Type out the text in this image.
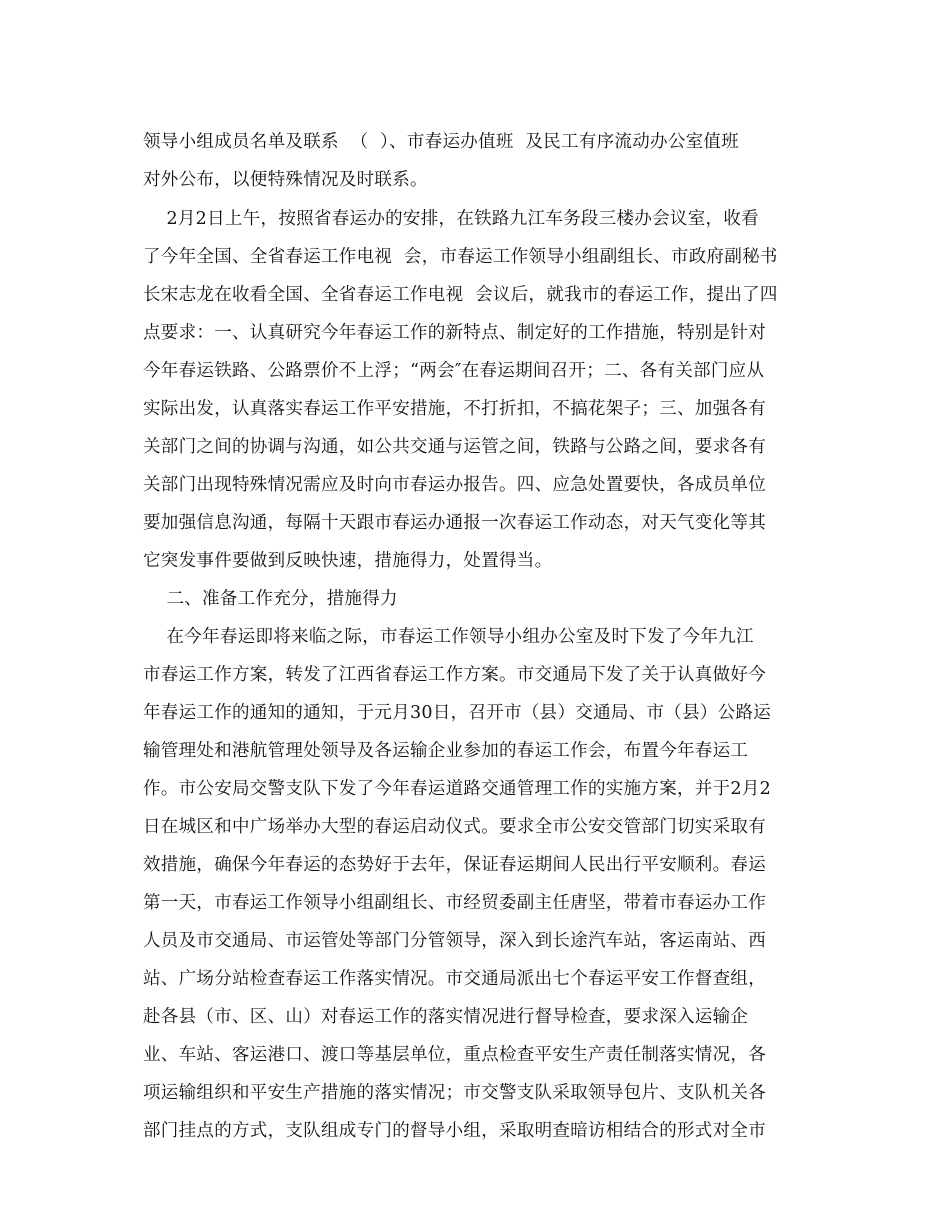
领导小组成员名单及联系  （  ）、市春运办值班  及民工有序流动办公室值班
对外公布，以便特殊情况及时联系。
2月2日上午，按照省春运办的安排，在铁路九江车务段三楼办会议室，收看
了今年全国、全省春运工作电视  会，市春运工作领导小组副组长、市政府副秘书
长宋志龙在收看全国、全省春运工作电视  会议后，就我市的春运工作，提出了四
点要求：一、认真研究今年春运工作的新特点、制定好的工作措施，特别是针对
今年春运铁路、公路票价不上浮；“两会″在春运期间召开；二、各有关部门应从
实际出发，认真落实春运工作平安措施，不打折扣，不搞花架子；三、加强各有
关部门之间的协调与沟通，如公共交通与运管之间，铁路与公路之间，要求各有
关部门出现特殊情况需应及时向市春运办报告。四、应急处置要快，各成员单位
要加强信息沟通，每隔十天跟市春运办通报一次春运工作动态，对天气变化等其
它突发事件要做到反映快速，措施得力，处置得当。
二、准备工作充分，措施得力
在今年春运即将来临之际，市春运工作领导小组办公室及时下发了今年九江
市春运工作方案，转发了江西省春运工作方案。市交通局下发了关于认真做好今
年春运工作的通知的通知，于元月30日，召开市（县）交通局、市（县）公路运
输管理处和港航管理处领导及各运输企业参加的春运工作会，布置今年春运工
作。市公安局交警支队下发了今年春运道路交通管理工作的实施方案，并于2月2
日在城区和中广场举办大型的春运启动仪式。要求全市公安交管部门切实采取有
效措施，确保今年春运的态势好于去年，保证春运期间人民出行平安顺利。春运
第一天，市春运工作领导小组副组长、市经贸委副主任唐坚，带着市春运办工作
人员及市交通局、市运管处等部门分管领导，深入到长途汽车站，客运南站、西
站、广场分站检查春运工作落实情况。市交通局派出七个春运平安工作督查组，
赴各县（市、区、山）对春运工作的落实情况进行督导检查，要求深入运输企
业、车站、客运港口、渡口等基层单位，重点检查平安生产责任制落实情况，各
项运输组织和平安生产措施的落实情况；市交警支队采取领导包片、支队机关各
部门挂点的方式，支队组成专门的督导小组，采取明查暗访相结合的形式对全市
